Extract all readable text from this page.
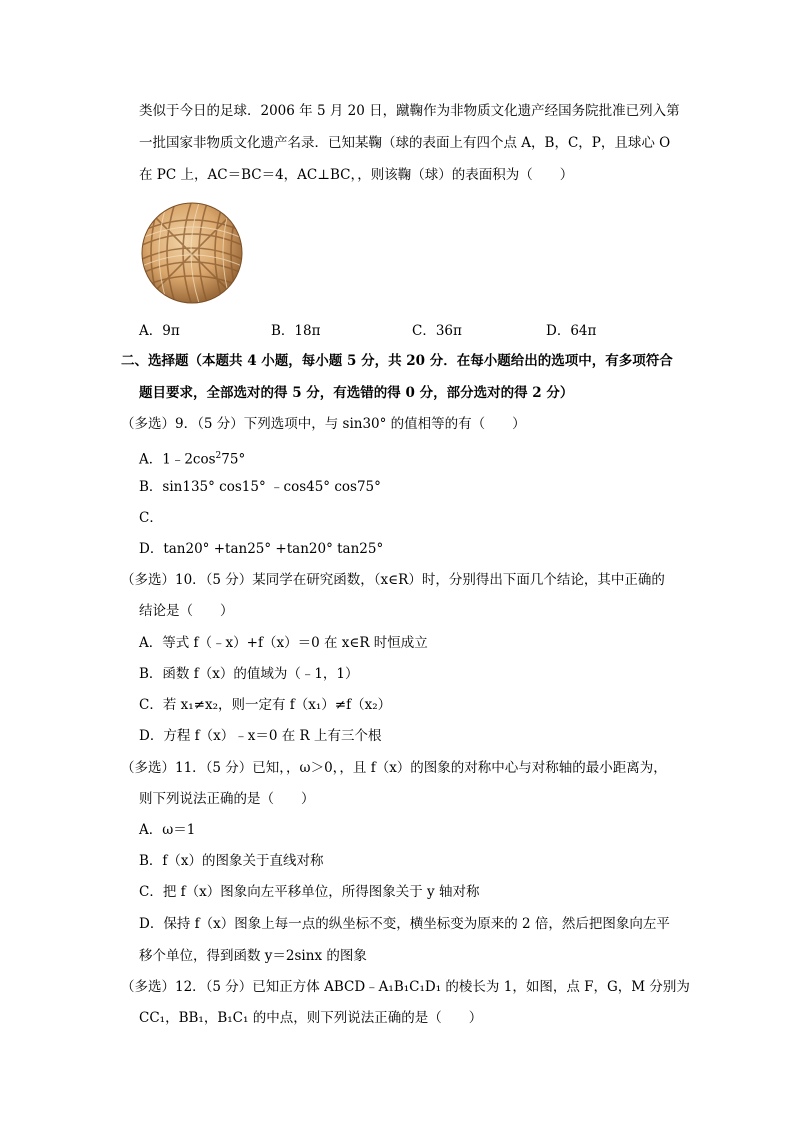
类似于今日的足球．2006 年 5 月 20 日，蹴鞠作为非物质文化遗产经国务院批准已列入第
一批国家非物质文化遗产名录．已知某鞠（球的表面上有四个点 A，B，C，P，且球心 O
在 PC 上，AC＝BC＝4，AC⊥BC，，则该鞠（球）的表面积为（　　）
A．9π	B．18π	C．36π	D．64π
二、选择题（本题共 4 小题，每小题 5 分，共 20 分．在每小题给出的选项中，有多项符合
题目要求，全部选对的得 5 分，有选错的得 0 分，部分选对的得 2 分）
（多选）9．（5 分）下列选项中，与 sin30° 的值相等的有（　　）
A．$1﹣2\cos^275^\circ$
B．sin135° cos15° ﹣cos45° cos75°
C．
D．tan20° +tan25° +tan20° tan25°
（多选）10．（5 分）某同学在研究函数，（x∈R）时，分别得出下面几个结论，其中正确的
结论是（　　）
A．等式 f（﹣x）+f（x）＝0 在 x∈R 时恒成立
B．函数 f（x）的值域为（﹣1，1）
C．若 x₁≠x₂，则一定有 f（x₁）≠f（x₂）
D．方程 f（x）﹣x＝0 在 R 上有三个根
（多选）11．（5 分）已知，，ω＞0，，且 f（x）的图象的对称中心与对称轴的最小距离为，
则下列说法正确的是（　　）
A．ω＝1
B．f（x）的图象关于直线对称
C．把 f（x）图象向左平移单位，所得图象关于 y 轴对称
D．保持 f（x）图象上每一点的纵坐标不变，横坐标变为原来的 2 倍，然后把图象向左平
移个单位，得到函数 y＝2sinx 的图象
（多选）12．（5 分）已知正方体 ABCD﹣A₁B₁C₁D₁ 的棱长为 1，如图，点 F，G，M 分别为
CC₁，BB₁，B₁C₁ 的中点，则下列说法正确的是（　　）
